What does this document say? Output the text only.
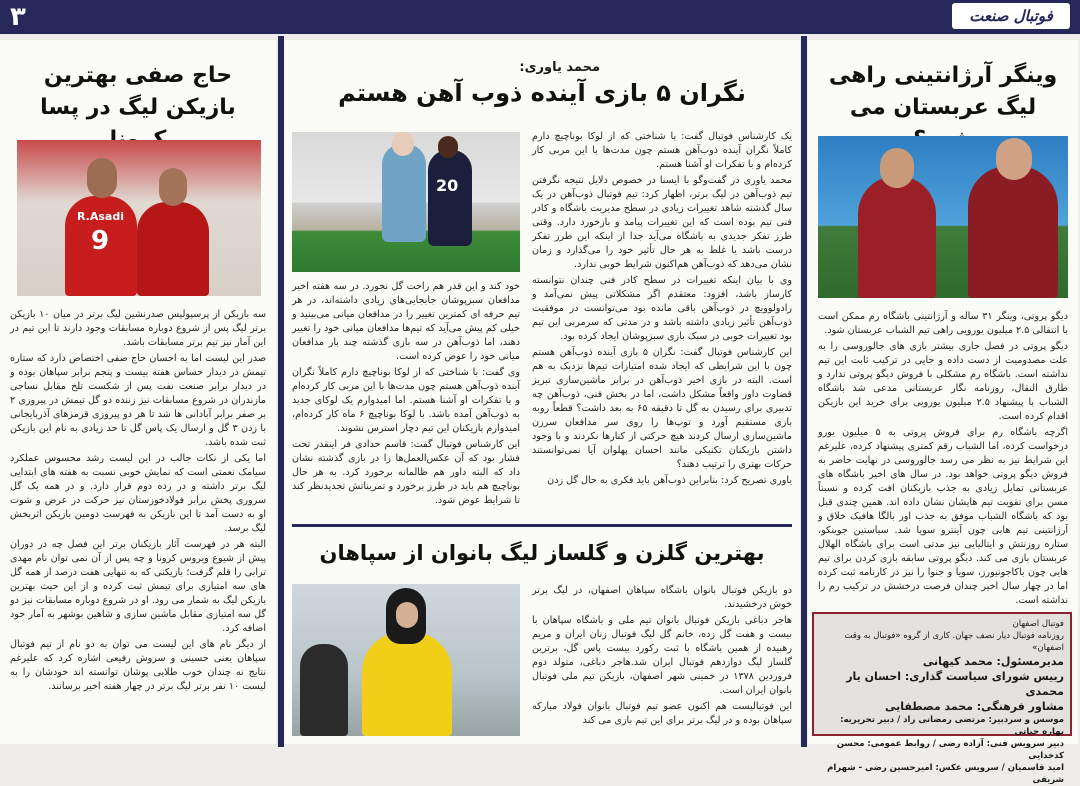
۳	فوتبال صنعت
وینگر آرژانتینی راهی لیگ عربستان می

دیگو پروتی، وینگر ۳۱ ساله و آرژانتینی باشگاه رم ممکن است با انتقالی ۲.۵ میلیون یورویی راهی تیم الشباب عربستان شود.

دیگو پروتی در فصل جاری بیشتر بازی های جالوروسی را به علت مصدومیت از دست داده و جایی در ترکیب ثابت این تیم نداشته است. باشگاه رم مشکلی با فروش دیگو پروتی ندارد و طارق النقال، روزنامه نگار عربستانی مدعی شد باشگاه الشباب با پیشنهاد ۲.۵ میلیون یورویی برای خرید این بازیکن اقدام کرده است.

اگرچه باشگاه رم برای فروش پروتی به ۵ میلیون یورو درخواست کرده، اما الشباب رقم کمتری پیشنهاد کرده، علیرغم این شرایط نیز به نظر می رسد جالوروسی در نهایت حاضر به فروش دیگو پروتی خواهد بود. در سال های اخیر باشگاه های عربستانی تمایل زیادی به جذب بازیکنان افت کرده و نسبتاً مسن برای تقویت تیم هایشان نشان داده اند. همین چندی قبل بود که باشگاه الشباب موفق به جذب اور بالگا هافبک خلاق و آرژانتینی تیم هابی چون آینترو سویا شد. سیاستین جوینکو، ستاره روزنتش و ایتالیایی نیز مدتی است برای باشگاه الهلال عربستان بازی می کند. دیگو پروتی سابقه بازی کردن برای تیم هایی چون باکاجونیورز، سویا و جنوا را نیز در کارنامه ثبت کرده اما در چهار سال اخیر چندان فرصت درخشش در ترکیب رم را نداشته است.

فوتبال اصفهان
روزنامه فوتبال دیار نصف جهان. کاری از گروه «فوتبال به وقت اصفهان»
مدیرمسئول: محمد کیهانی
رییس شورای سیاست گذاری: احسان یار محمدی
مشاور فرهنگی: محمد مصطفایی
موسس و سردبیر: مرتضی رمضانی راد / دبیر تحریریه: بهاره حیاتی
دبیر سرویس فنی: آزاده رضی / روابط عمومی: محسن کدخدایی
امید قاسمیان / سرویس عکس: امیرحسین رضی - شهرام شریفی
محمد یاوری:
نگران ۵ بازی آینده ذوب آهن هستم
20

یک کارشناس فوتبال گفت: با شناختی که از لوکا بوناچیچ دارم کاملاً نگران آینده ذوب‌آهن هستم چون مدت‌ها با این مربی کار کرده‌ام و با تفکرات او آشنا هستم.

محمد یاوری در گفت‌وگو با ایسنا در خصوص دلایل نتیجه نگرفتن تیم ذوب‌آهن در لیگ برتر، اظهار کرد: تیم فوتبال ذوب‌آهن در یک سال گذشته شاهد تغییرات زیادی در سطح مدیریت باشگاه و کادر فنی تیم بوده است که این تغییرات پیامد و بازخورد دارد. وقتی طرز تفکر جدیدی به باشگاه می‌آید جدا از اینکه این طرز تفکر درست باشد یا غلط به هر حال تأثیر خود را می‌گذارد و زمان نشان می‌دهد که ذوب‌آهن هم‌اکنون شرایط خوبی ندارد.

وی با بیان اینکه تغییرات در سطح کادر فنی چندان نتوانسته کارساز باشد، افزود: معتقدم اگر مشکلاتی پیش نمی‌آمد و رادولوویچ در ذوب‌آهن باقی مانده بود می‌توانست در موفقیت ذوب‌آهن تأثیر زیادی داشته باشد و در مدتی که سرمربی این تیم بود تغییرات خوبی در سبک بازی سبزپوشان ایجاد کرده بود.

این کارشناس فوتبال گفت: نگران ۵ بازی آینده ذوب‌آهن هستم چون با این شرایطی که ایجاد شده امتیازات تیم‌ها نزدیک به هم است. البته در بازی اخیر ذوب‌آهن در برابر ماشین‌سازی تبریز قضاوت داور واقعاً مشکل داشت، اما در بخش فنی، ذوب‌آهن چه تدبیری برای رسیدن به گل تا دقیقه ۶۵ به بعد داشت؟ قطعاً روبه بازی مستقیم آورد و توپ‌ها را روی سر مدافعان سرزن ماشین‌سازی ارسال کردند هیچ حرکتی از کنارها نکردند و با وجود داشتن بازیکنان تکنیکی مانند احسان پهلوان آیا نمی‌توانستند حرکات بهتری را ترتیب دهند؟

یاوری تصریح کرد: بنابراین ذوب‌آهن باید فکری به حال گل زدن

خود کند و این قدر هم راحت گل نخورد. در سه هفته اخیر مدافعان سبزپوشان جابجایی‌های زیادی داشته‌اند، در هر تیم حرفه ای کمترین تغییر را در مدافعان میانی می‌بینید و خیلی کم پیش می‌آید که تیم‌ها مدافعان میانی خود را تغییر دهند، اما ذوب‌آهن در سه بازی گذشته چند بار مدافعان میانی خود را عوض کرده است.

وی گفت: با شناختی که از لوکا بوناچیچ دارم کاملاً نگران آینده ذوب‌آهن هستم چون مدت‌ها با این مربی کار کرده‌ام و با تفکرات او آشنا هستم. اما امیدوارم یک لوکای جدید به ذوب‌آهن آمده باشد. با لوکا بوناچیچ ۶ ماه کار کرده‌ام، امیدوارم بازیکنان این تیم دچار استرس نشوند.

این کارشناس فوتبال گفت: قاسم حدادی فر اینقدر تحت فشار بود که آن عکس‌العمل‌ها را در بازی گذشته نشان داد که البته داور هم ظالمانه برخورد کرد. به هر حال بوناچیچ هم باید در طرز برخورد و تمریناتش تجدیدنظر کند تا شرایط عوض شود.

بهترین گلزن و گلساز لیگ بانوان از سپاهان

دو بازیکن فوتبال بانوان باشگاه سپاهان اصفهان، در لیگ برتر خوش درخشیدند.

هاجر دباغی بازیکن فوتبال بانوان تیم ملی و باشگاه سپاهان با بیست و هفت گل زده، خانم گل لیگ فوتبال زنان ایران و مریم رهبیده از همین باشگاه با ثبت رکورد بیست پاس گل، برترین گلساز لیگ دوازدهم فوتبال ایران شد.هاجر دباغی، متولد دوم فروردین ۱۳۷۸ در خمینی شهر اصفهان، بازیکن تیم ملی فوتبال بانوان ایران است.

این فوتبالیست هم اکنون عضو تیم فوتبال بانوان فولاد مبارکه سپاهان بوده و در لیگ برتر برای این تیم بازی می کند

حاج صفی بهترین بازیکن لیگ در پسا
R.Asadi
9

سه بازیکن از پرسپولیس صدرنشین لیگ برتر در میان ۱۰ بازیکن برتر لیگ پس از شروع دوباره مسابقات وجود دارند تا این تیم در این آمار نیز تیم برتر مسابقات باشد.

صدر این لیست اما به احسان حاج صفی اختصاص دارد که ستاره تیمش در دیدار حساس هفته بیست و پنجم برابر سپاهان بوده و در دیدار برابر صنعت نفت پس از شکست تلخ مقابل نساجی مازندران در شروع مسابقات نیز زننده دو گل تیمش در پیروزی ۲ بر صفر برابر آبادانی ها شد تا هر دو پیروزی قرمزهای آذربایجانی با زدن ۳ گل و ارسال یک پاس گل تا حد زیادی به نام این بازیکن ثبت شده باشد.

اما یکی از نکات جالب در این لیست رشد محسوس عملکرد سیامک نعمتی است که نمایش خوبی نسبت به هفته های ابتدایی لیگ برتر داشته و در رده دوم قرار دارد. و در همه یک گل سروری پخش برابر فولادخوزستان نیز حرکت در عرض و شوت او به دست آمد تا این بازیکن به فهرست دومین بازیکن اثربخش لیگ برسد.

البته هر در فهرست آثار بازیکنان برتر این فصل چه در دوران پیش از شیوع ویروس کرونا و چه پس از آن نمی توان نام مهدی ترابی را قلم گرفت؛ بازیکنی که به تنهایی هفت درصد از همه گل های سه امتیازی برای تیمش ثبت کرده و از این حیث بهترین بازیکن لیگ به شمار می رود. او در شروع دوباره مسابقات نیز دو گل سه امتیازی مقابل ماشین سازی و شاهین بوشهر به آمار خود اضافه کرد.

از دیگر نام های این لیست می توان به دو نام از تیم فوتبال سپاهان یعنی حسینی و سروش رفیعی اشاره کرد که علیرغم نتایج نه چندان خوب طلایی پوشان توانسته اند خودشان را به لیست ۱۰ نفر برتر لیگ برتر در چهار هفته اخیر برسانند.
